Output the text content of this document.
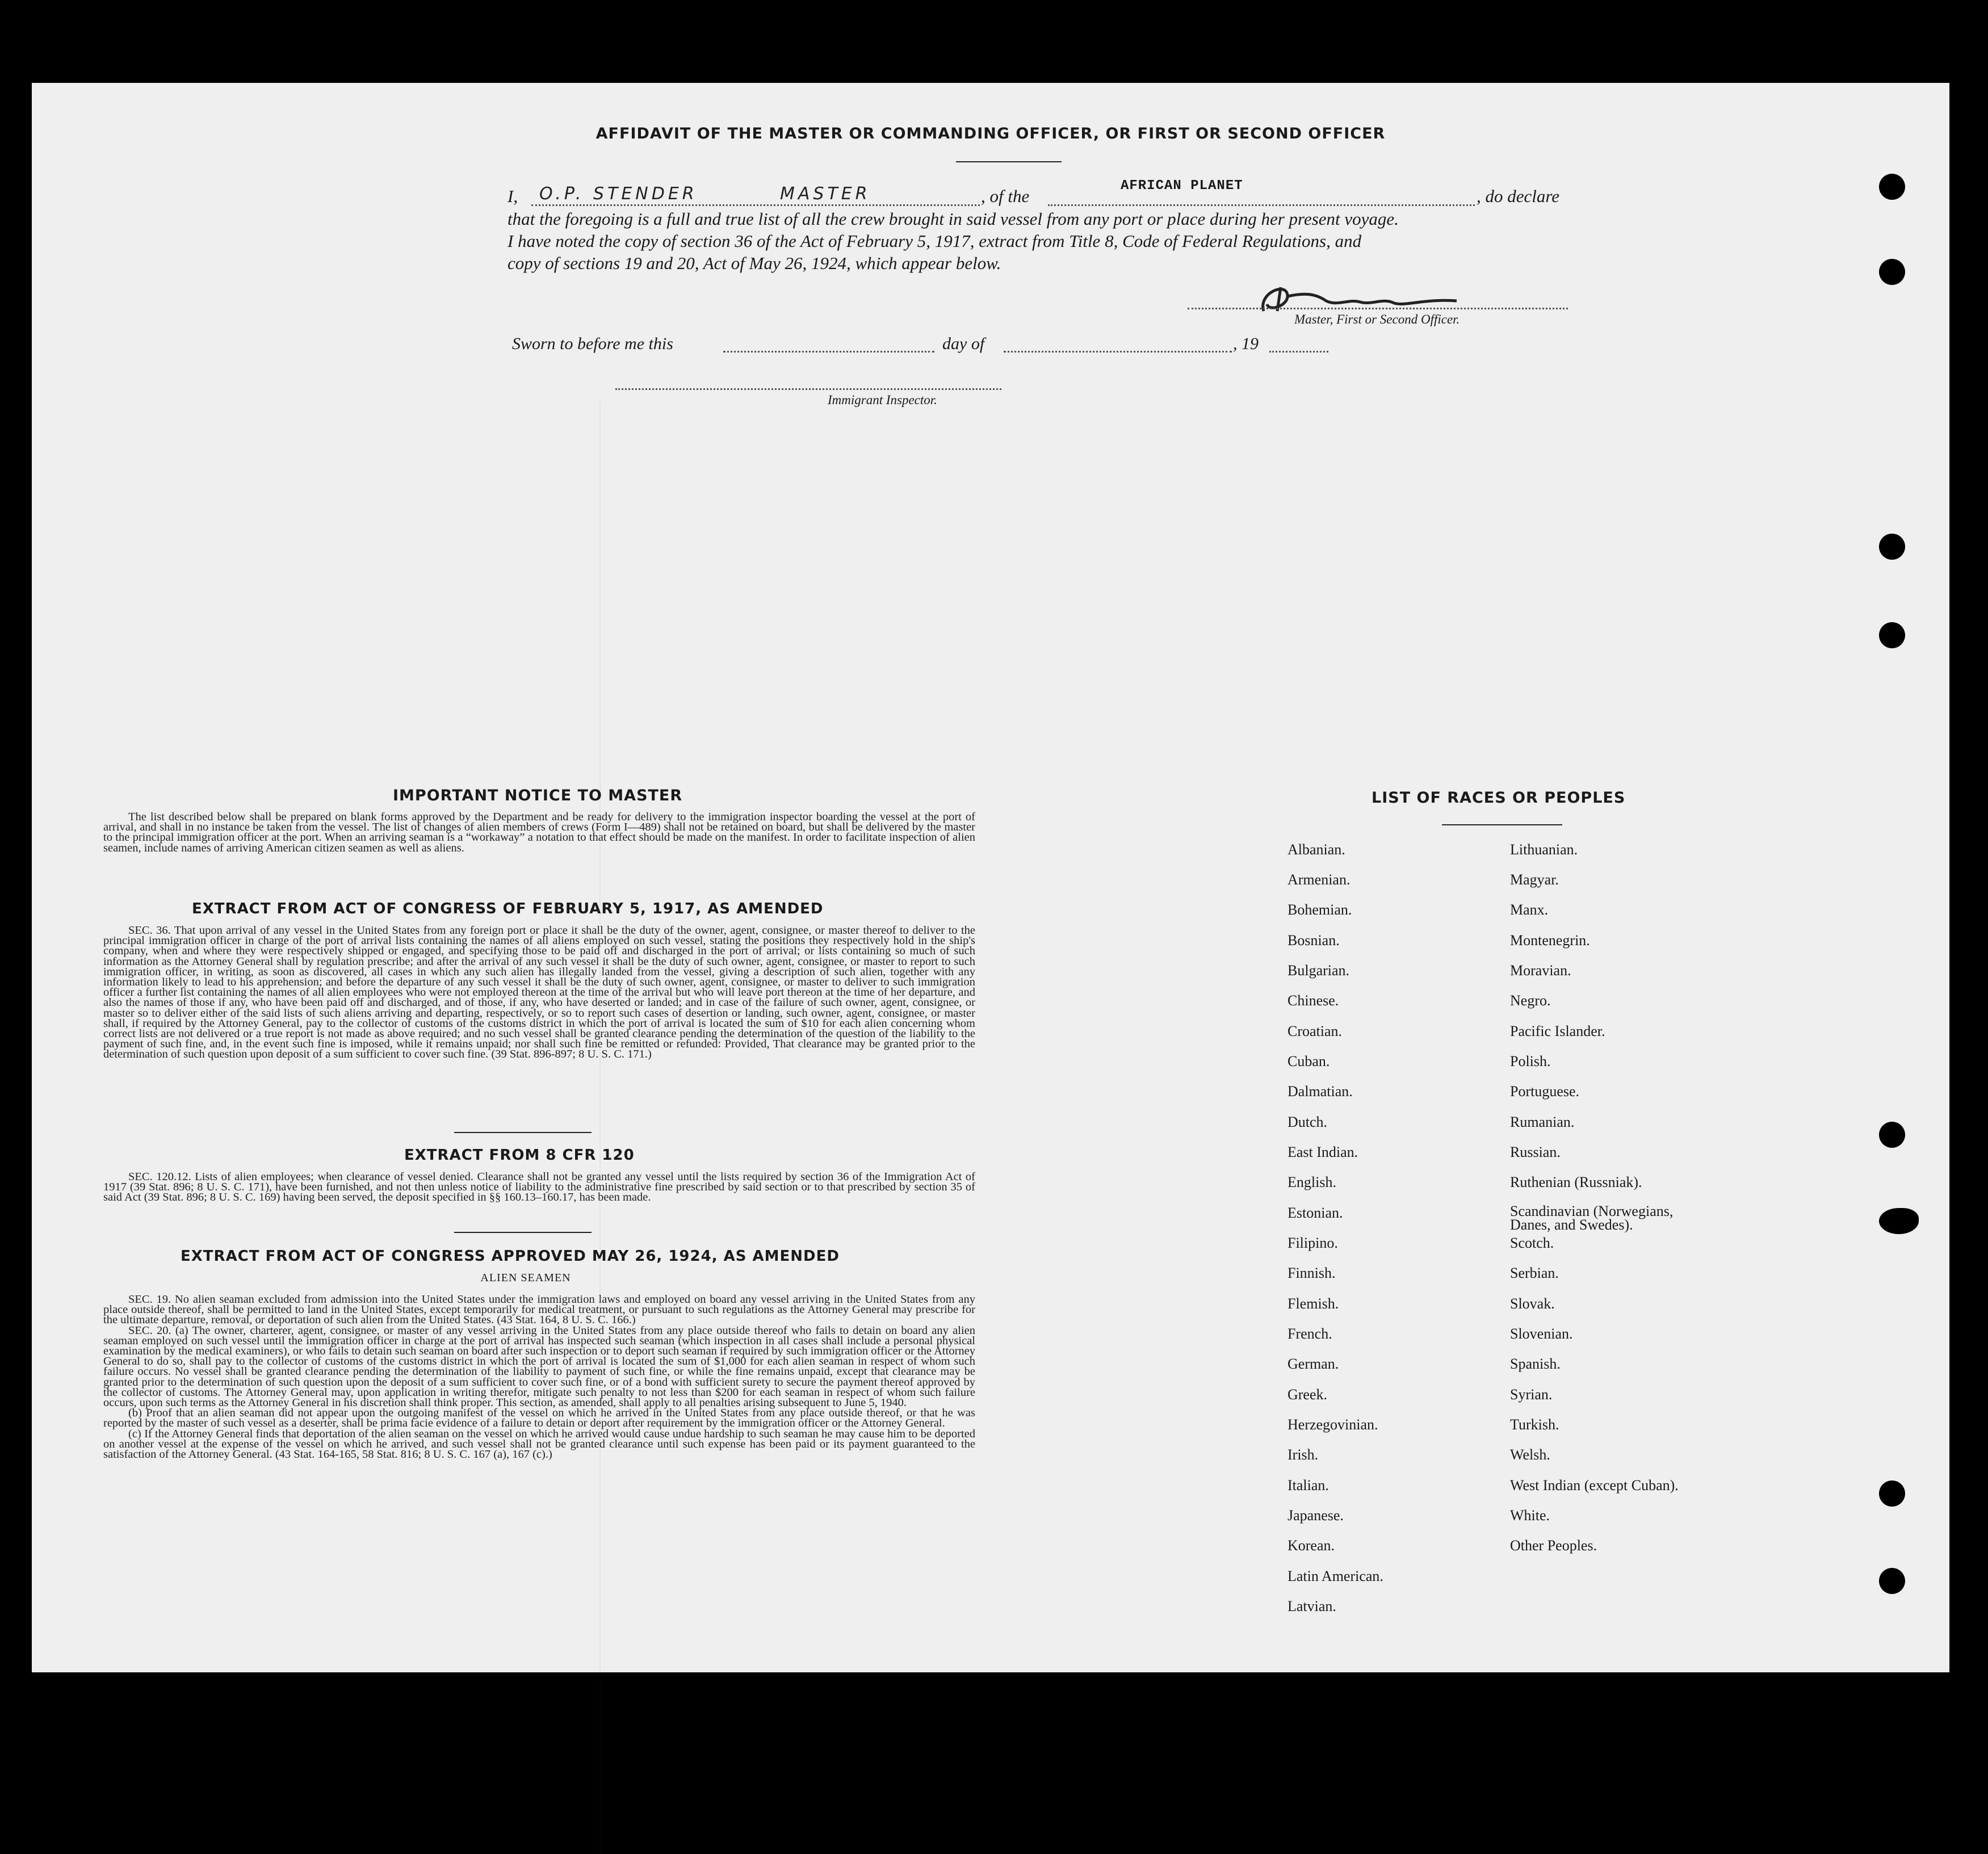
AFFIDAVIT OF THE MASTER OR COMMANDING OFFICER, OR FIRST OR SECOND OFFICER
I, O.P. STENDER	MASTER	, of the
AFRICAN PLANET
, do declare
that the foregoing is a full and true list of all the crew brought in said vessel from any port or place during her present voyage.
I have noted the copy of section 36 of the Act of February 5, 1917, extract from Title 8, Code of Federal Regulations, and
copy of sections 19 and 20, Act of May 26, 1924, which appear below.
Master, First or Second Officer.
Sworn to before me this	day of	, 19
Immigrant Inspector.
IMPORTANT NOTICE TO MASTER

The list described below shall be prepared on blank forms approved by the Department and be ready for delivery to the immigration inspector boarding the vessel at the port of arrival, and shall in no instance be taken from the vessel. The list of changes of alien members of crews (Form I—489) shall not be retained on board, but shall be delivered by the master to the principal immigration officer at the port. When an arriving seaman is a “workaway” a notation to that effect should be made on the manifest. In order to facilitate inspection of alien seamen, include names of arriving American citizen seamen as well as aliens.

EXTRACT FROM ACT OF CONGRESS OF FEBRUARY 5, 1917, AS AMENDED

SEC. 36. That upon arrival of any vessel in the United States from any foreign port or place it shall be the duty of the owner, agent, consignee, or master thereof to deliver to the principal immigration officer in charge of the port of arrival lists containing the names of all aliens employed on such vessel, stating the positions they respectively hold in the ship's company, when and where they were respectively shipped or engaged, and specifying those to be paid off and discharged in the port of arrival; or lists containing so much of such information as the Attorney General shall by regulation prescribe; and after the arrival of any such vessel it shall be the duty of such owner, agent, consignee, or master to report to such immigration officer, in writing, as soon as discovered, all cases in which any such alien has illegally landed from the vessel, giving a description of such alien, together with any information likely to lead to his apprehension; and before the departure of any such vessel it shall be the duty of such owner, agent, consignee, or master to deliver to such immigration officer a further list containing the names of all alien employees who were not employed thereon at the time of the arrival but who will leave port thereon at the time of her departure, and also the names of those if any, who have been paid off and discharged, and of those, if any, who have deserted or landed; and in case of the failure of such owner, agent, consignee, or master so to deliver either of the said lists of such aliens arriving and departing, respectively, or so to report such cases of desertion or landing, such owner, agent, consignee, or master shall, if required by the Attorney General, pay to the collector of customs of the customs district in which the port of arrival is located the sum of $10 for each alien concerning whom correct lists are not delivered or a true report is not made as above required; and no such vessel shall be granted clearance pending the determination of the question of the liability to the payment of such fine, and, in the event such fine is imposed, while it remains unpaid; nor shall such fine be remitted or refunded: Provided, That clearance may be granted prior to the determination of such question upon deposit of a sum sufficient to cover such fine. (39 Stat. 896-897; 8 U. S. C. 171.)

EXTRACT FROM 8 CFR 120

SEC. 120.12. Lists of alien employees; when clearance of vessel denied. Clearance shall not be granted any vessel until the lists required by section 36 of the Immigration Act of 1917 (39 Stat. 896; 8 U. S. C. 171), have been furnished, and not then unless notice of liability to the administrative fine prescribed by said section or to that prescribed by section 35 of said Act (39 Stat. 896; 8 U. S. C. 169) having been served, the deposit specified in §§ 160.13–160.17, has been made.

EXTRACT FROM ACT OF CONGRESS APPROVED MAY 26, 1924, AS AMENDED
ALIEN SEAMEN

SEC. 19. No alien seaman excluded from admission into the United States under the immigration laws and employed on board any vessel arriving in the United States from any place outside thereof, shall be permitted to land in the United States, except temporarily for medical treatment, or pursuant to such regulations as the Attorney General may prescribe for the ultimate departure, removal, or deportation of such alien from the United States. (43 Stat. 164, 8 U. S. C. 166.)

SEC. 20. (a) The owner, charterer, agent, consignee, or master of any vessel arriving in the United States from any place outside thereof who fails to detain on board any alien seaman employed on such vessel until the immigration officer in charge at the port of arrival has inspected such seaman (which inspection in all cases shall include a personal physical examination by the medical examiners), or who fails to detain such seaman on board after such inspection or to deport such seaman if required by such immigration officer or the Attorney General to do so, shall pay to the collector of customs of the customs district in which the port of arrival is located the sum of $1,000 for each alien seaman in respect of whom such failure occurs. No vessel shall be granted clearance pending the determination of the liability to payment of such fine, or while the fine remains unpaid, except that clearance may be granted prior to the determination of such question upon the deposit of a sum sufficient to cover such fine, or of a bond with sufficient surety to secure the payment thereof approved by the collector of customs. The Attorney General may, upon application in writing therefor, mitigate such penalty to not less than $200 for each seaman in respect of whom such failure occurs, upon such terms as the Attorney General in his discretion shall think proper. This section, as amended, shall apply to all penalties arising subsequent to June 5, 1940.

(b) Proof that an alien seaman did not appear upon the outgoing manifest of the vessel on which he arrived in the United States from any place outside thereof, or that he was reported by the master of such vessel as a deserter, shall be prima facie evidence of a failure to detain or deport after requirement by the immigration officer or the Attorney General.

(c) If the Attorney General finds that deportation of the alien seaman on the vessel on which he arrived would cause undue hardship to such seaman he may cause him to be deported on another vessel at the expense of the vessel on which he arrived, and such vessel shall not be granted clearance until such expense has been paid or its payment guaranteed to the satisfaction of the Attorney General. (43 Stat. 164-165, 58 Stat. 816; 8 U. S. C. 167 (a), 167 (c).)

LIST OF RACES OR PEOPLES
Albanian.
Armenian.
Bohemian.
Bosnian.
Bulgarian.
Chinese.
Croatian.
Cuban.
Dalmatian.
Dutch.
East Indian.
English.
Estonian.
Filipino.
Finnish.
Flemish.
French.
German.
Greek.
Herzegovinian.
Irish.
Italian.
Japanese.
Korean.
Latin American.
Latvian.
Lithuanian.
Magyar.
Manx.
Montenegrin.
Moravian.
Negro.
Pacific Islander.
Polish.
Portuguese.
Rumanian.
Russian.
Ruthenian (Russniak).
Scandinavian (Norwegians, Danes, and Swedes).
Scotch.
Serbian.
Slovak.
Slovenian.
Spanish.
Syrian.
Turkish.
Welsh.
West Indian (except Cuban).
White.
Other Peoples.
